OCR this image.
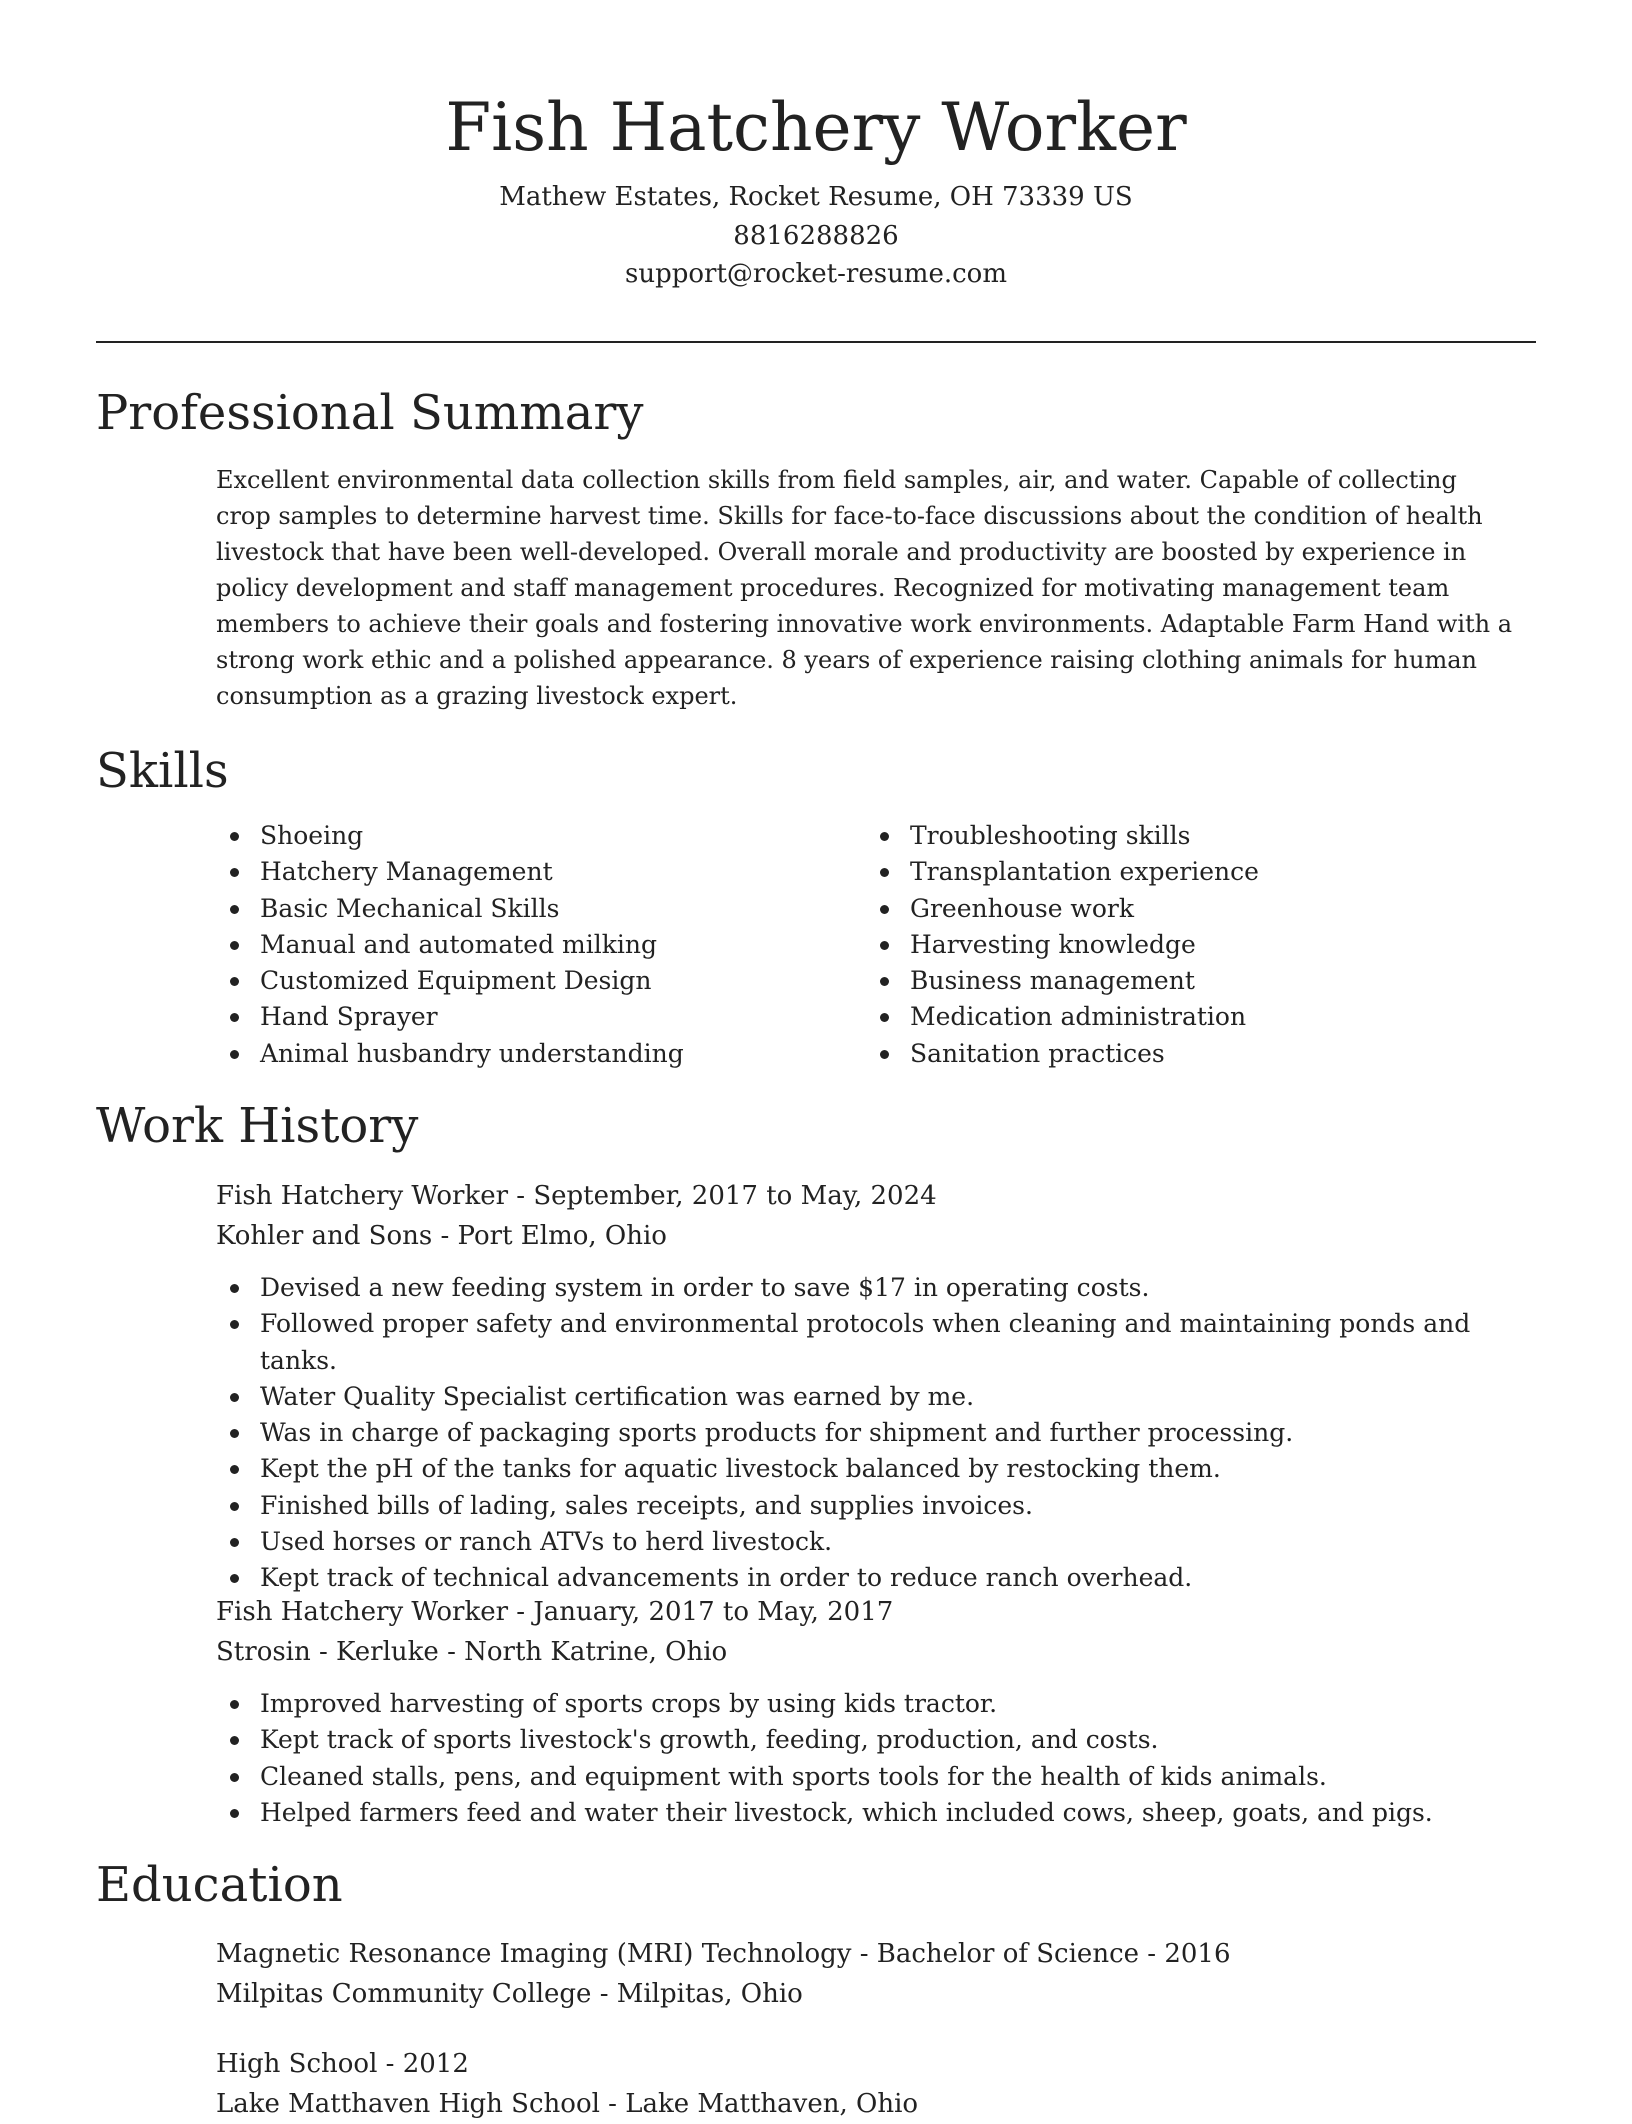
Fish Hatchery Worker
Mathew Estates, Rocket Resume, OH 73339 US
8816288826
support@rocket-resume.com
Professional Summary

Excellent environmental data collection skills from field samples, air, and water. Capable of collecting crop samples to determine harvest time. Skills for face-to-face discussions about the condition of health livestock that have been well-developed. Overall morale and productivity are boosted by experience in policy development and staff management procedures. Recognized for motivating management team members to achieve their goals and fostering innovative work environments. Adaptable Farm Hand with a strong work ethic and a polished appearance. 8 years of experience raising clothing animals for human consumption as a grazing livestock expert.

Skills
Shoeing
Hatchery Management
Basic Mechanical Skills
Manual and automated milking
Customized Equipment Design
Hand Sprayer
Animal husbandry understanding
Troubleshooting skills
Transplantation experience
Greenhouse work
Harvesting knowledge
Business management
Medication administration
Sanitation practices
Work History
Fish Hatchery Worker - September, 2017 to May, 2024
Kohler and Sons - Port Elmo, Ohio
Devised a new feeding system in order to save $17 in operating costs.
Followed proper safety and environmental protocols when cleaning and maintaining ponds and tanks.
Water Quality Specialist certification was earned by me.
Was in charge of packaging sports products for shipment and further processing.
Kept the pH of the tanks for aquatic livestock balanced by restocking them.
Finished bills of lading, sales receipts, and supplies invoices.
Used horses or ranch ATVs to herd livestock.
Kept track of technical advancements in order to reduce ranch overhead.
Fish Hatchery Worker - January, 2017 to May, 2017
Strosin - Kerluke - North Katrine, Ohio
Improved harvesting of sports crops by using kids tractor.
Kept track of sports livestock's growth, feeding, production, and costs.
Cleaned stalls, pens, and equipment with sports tools for the health of kids animals.
Helped farmers feed and water their livestock, which included cows, sheep, goats, and pigs.
Education
Magnetic Resonance Imaging (MRI) Technology - Bachelor of Science - 2016
Milpitas Community College - Milpitas, Ohio
High School - 2012
Lake Matthaven High School - Lake Matthaven, Ohio
